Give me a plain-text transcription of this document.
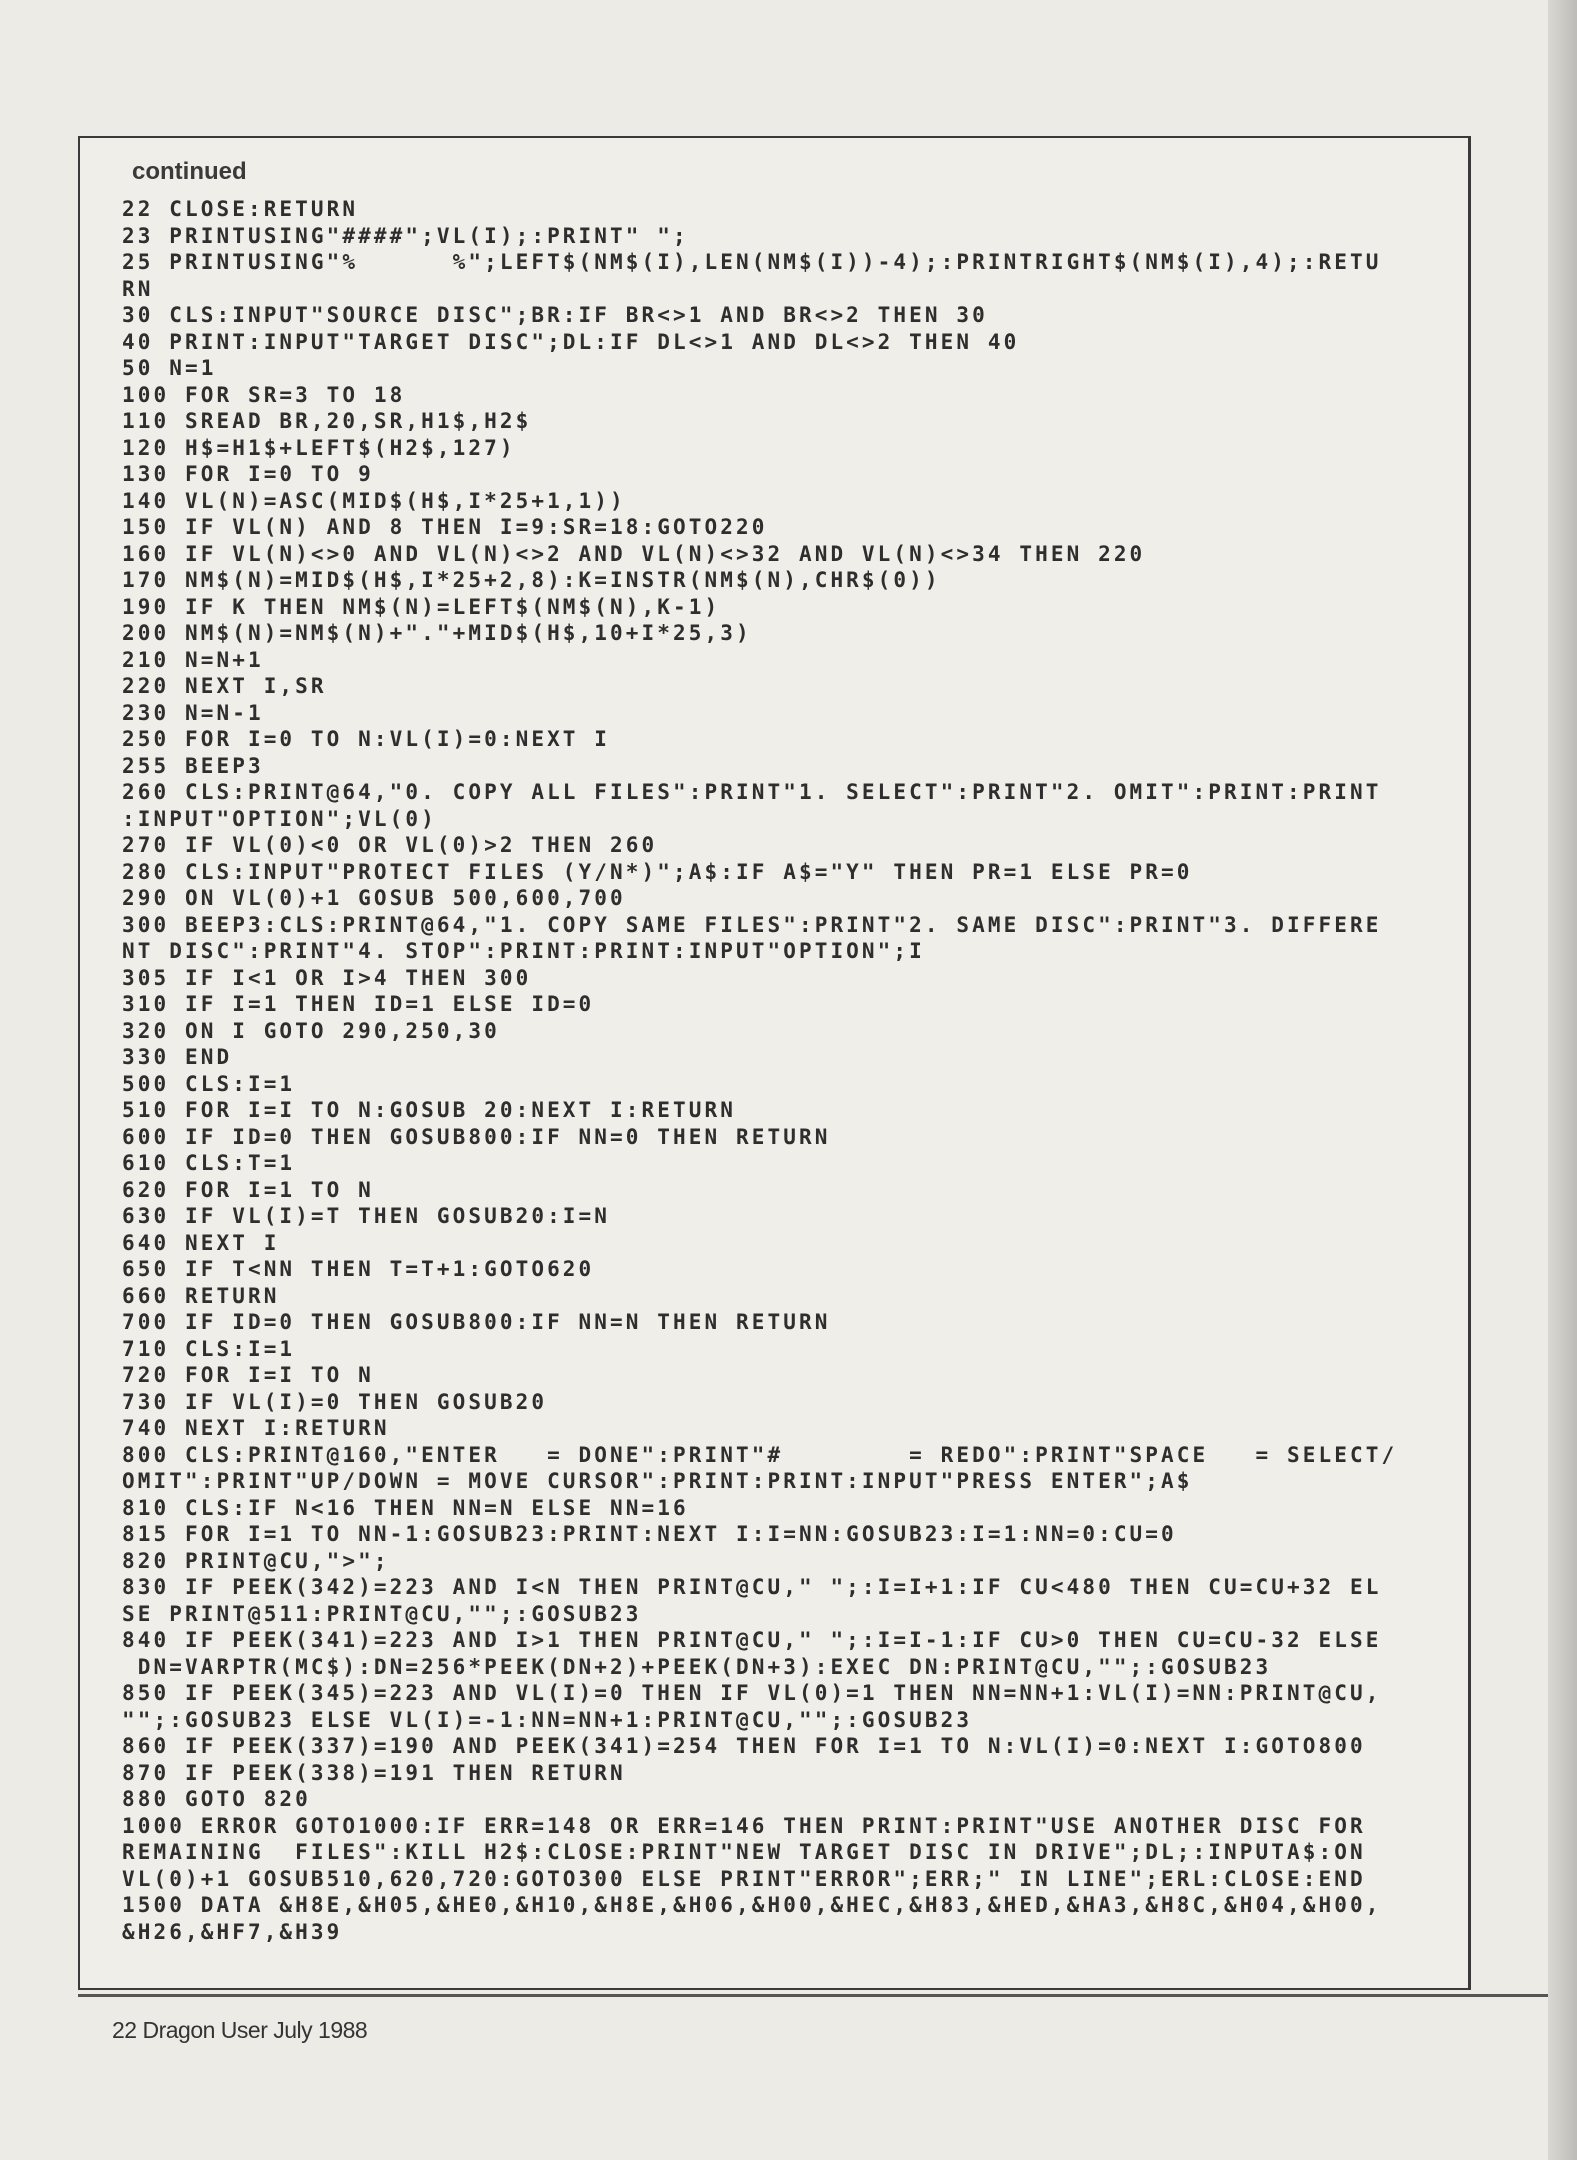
continued
22 CLOSE:RETURN
23 PRINTUSING"####";VL(I);:PRINT" ";
25 PRINTUSING"%      %";LEFT$(NM$(I),LEN(NM$(I))-4);:PRINTRIGHT$(NM$(I),4);:RETU
RN
30 CLS:INPUT"SOURCE DISC";BR:IF BR<>1 AND BR<>2 THEN 30
40 PRINT:INPUT"TARGET DISC";DL:IF DL<>1 AND DL<>2 THEN 40
50 N=1
100 FOR SR=3 TO 18
110 SREAD BR,20,SR,H1$,H2$
120 H$=H1$+LEFT$(H2$,127)
130 FOR I=0 TO 9
140 VL(N)=ASC(MID$(H$,I*25+1,1))
150 IF VL(N) AND 8 THEN I=9:SR=18:GOTO220
160 IF VL(N)<>0 AND VL(N)<>2 AND VL(N)<>32 AND VL(N)<>34 THEN 220
170 NM$(N)=MID$(H$,I*25+2,8):K=INSTR(NM$(N),CHR$(0))
190 IF K THEN NM$(N)=LEFT$(NM$(N),K-1)
200 NM$(N)=NM$(N)+"."+MID$(H$,10+I*25,3)
210 N=N+1
220 NEXT I,SR
230 N=N-1
250 FOR I=0 TO N:VL(I)=0:NEXT I
255 BEEP3
260 CLS:PRINT@64,"0. COPY ALL FILES":PRINT"1. SELECT":PRINT"2. OMIT":PRINT:PRINT
:INPUT"OPTION";VL(0)
270 IF VL(0)<0 OR VL(0)>2 THEN 260
280 CLS:INPUT"PROTECT FILES (Y/N*)";A$:IF A$="Y" THEN PR=1 ELSE PR=0
290 ON VL(0)+1 GOSUB 500,600,700
300 BEEP3:CLS:PRINT@64,"1. COPY SAME FILES":PRINT"2. SAME DISC":PRINT"3. DIFFERE
NT DISC":PRINT"4. STOP":PRINT:PRINT:INPUT"OPTION";I
305 IF I<1 OR I>4 THEN 300
310 IF I=1 THEN ID=1 ELSE ID=0
320 ON I GOTO 290,250,30
330 END
500 CLS:I=1
510 FOR I=I TO N:GOSUB 20:NEXT I:RETURN
600 IF ID=0 THEN GOSUB800:IF NN=0 THEN RETURN
610 CLS:T=1
620 FOR I=1 TO N
630 IF VL(I)=T THEN GOSUB20:I=N
640 NEXT I
650 IF T<NN THEN T=T+1:GOTO620
660 RETURN
700 IF ID=0 THEN GOSUB800:IF NN=N THEN RETURN
710 CLS:I=1
720 FOR I=I TO N
730 IF VL(I)=0 THEN GOSUB20
740 NEXT I:RETURN
800 CLS:PRINT@160,"ENTER   = DONE":PRINT"#        = REDO":PRINT"SPACE   = SELECT/
OMIT":PRINT"UP/DOWN = MOVE CURSOR":PRINT:PRINT:INPUT"PRESS ENTER";A$
810 CLS:IF N<16 THEN NN=N ELSE NN=16
815 FOR I=1 TO NN-1:GOSUB23:PRINT:NEXT I:I=NN:GOSUB23:I=1:NN=0:CU=0
820 PRINT@CU,">";
830 IF PEEK(342)=223 AND I<N THEN PRINT@CU," ";:I=I+1:IF CU<480 THEN CU=CU+32 EL
SE PRINT@511:PRINT@CU,"";:GOSUB23
840 IF PEEK(341)=223 AND I>1 THEN PRINT@CU," ";:I=I-1:IF CU>0 THEN CU=CU-32 ELSE
DN=VARPTR(MC$):DN=256*PEEK(DN+2)+PEEK(DN+3):EXEC DN:PRINT@CU,"";:GOSUB23
850 IF PEEK(345)=223 AND VL(I)=0 THEN IF VL(0)=1 THEN NN=NN+1:VL(I)=NN:PRINT@CU,
"";:GOSUB23 ELSE VL(I)=-1:NN=NN+1:PRINT@CU,"";:GOSUB23
860 IF PEEK(337)=190 AND PEEK(341)=254 THEN FOR I=1 TO N:VL(I)=0:NEXT I:GOTO800
870 IF PEEK(338)=191 THEN RETURN
880 GOTO 820
1000 ERROR GOTO1000:IF ERR=148 OR ERR=146 THEN PRINT:PRINT"USE ANOTHER DISC FOR
REMAINING  FILES":KILL H2$:CLOSE:PRINT"NEW TARGET DISC IN DRIVE";DL;:INPUTA$:ON
VL(0)+1 GOSUB510,620,720:GOTO300 ELSE PRINT"ERROR";ERR;" IN LINE";ERL:CLOSE:END
1500 DATA &H8E,&H05,&HE0,&H10,&H8E,&H06,&H00,&HEC,&H83,&HED,&HA3,&H8C,&H04,&H00,
&H26,&HF7,&H39
22 Dragon User July 1988
